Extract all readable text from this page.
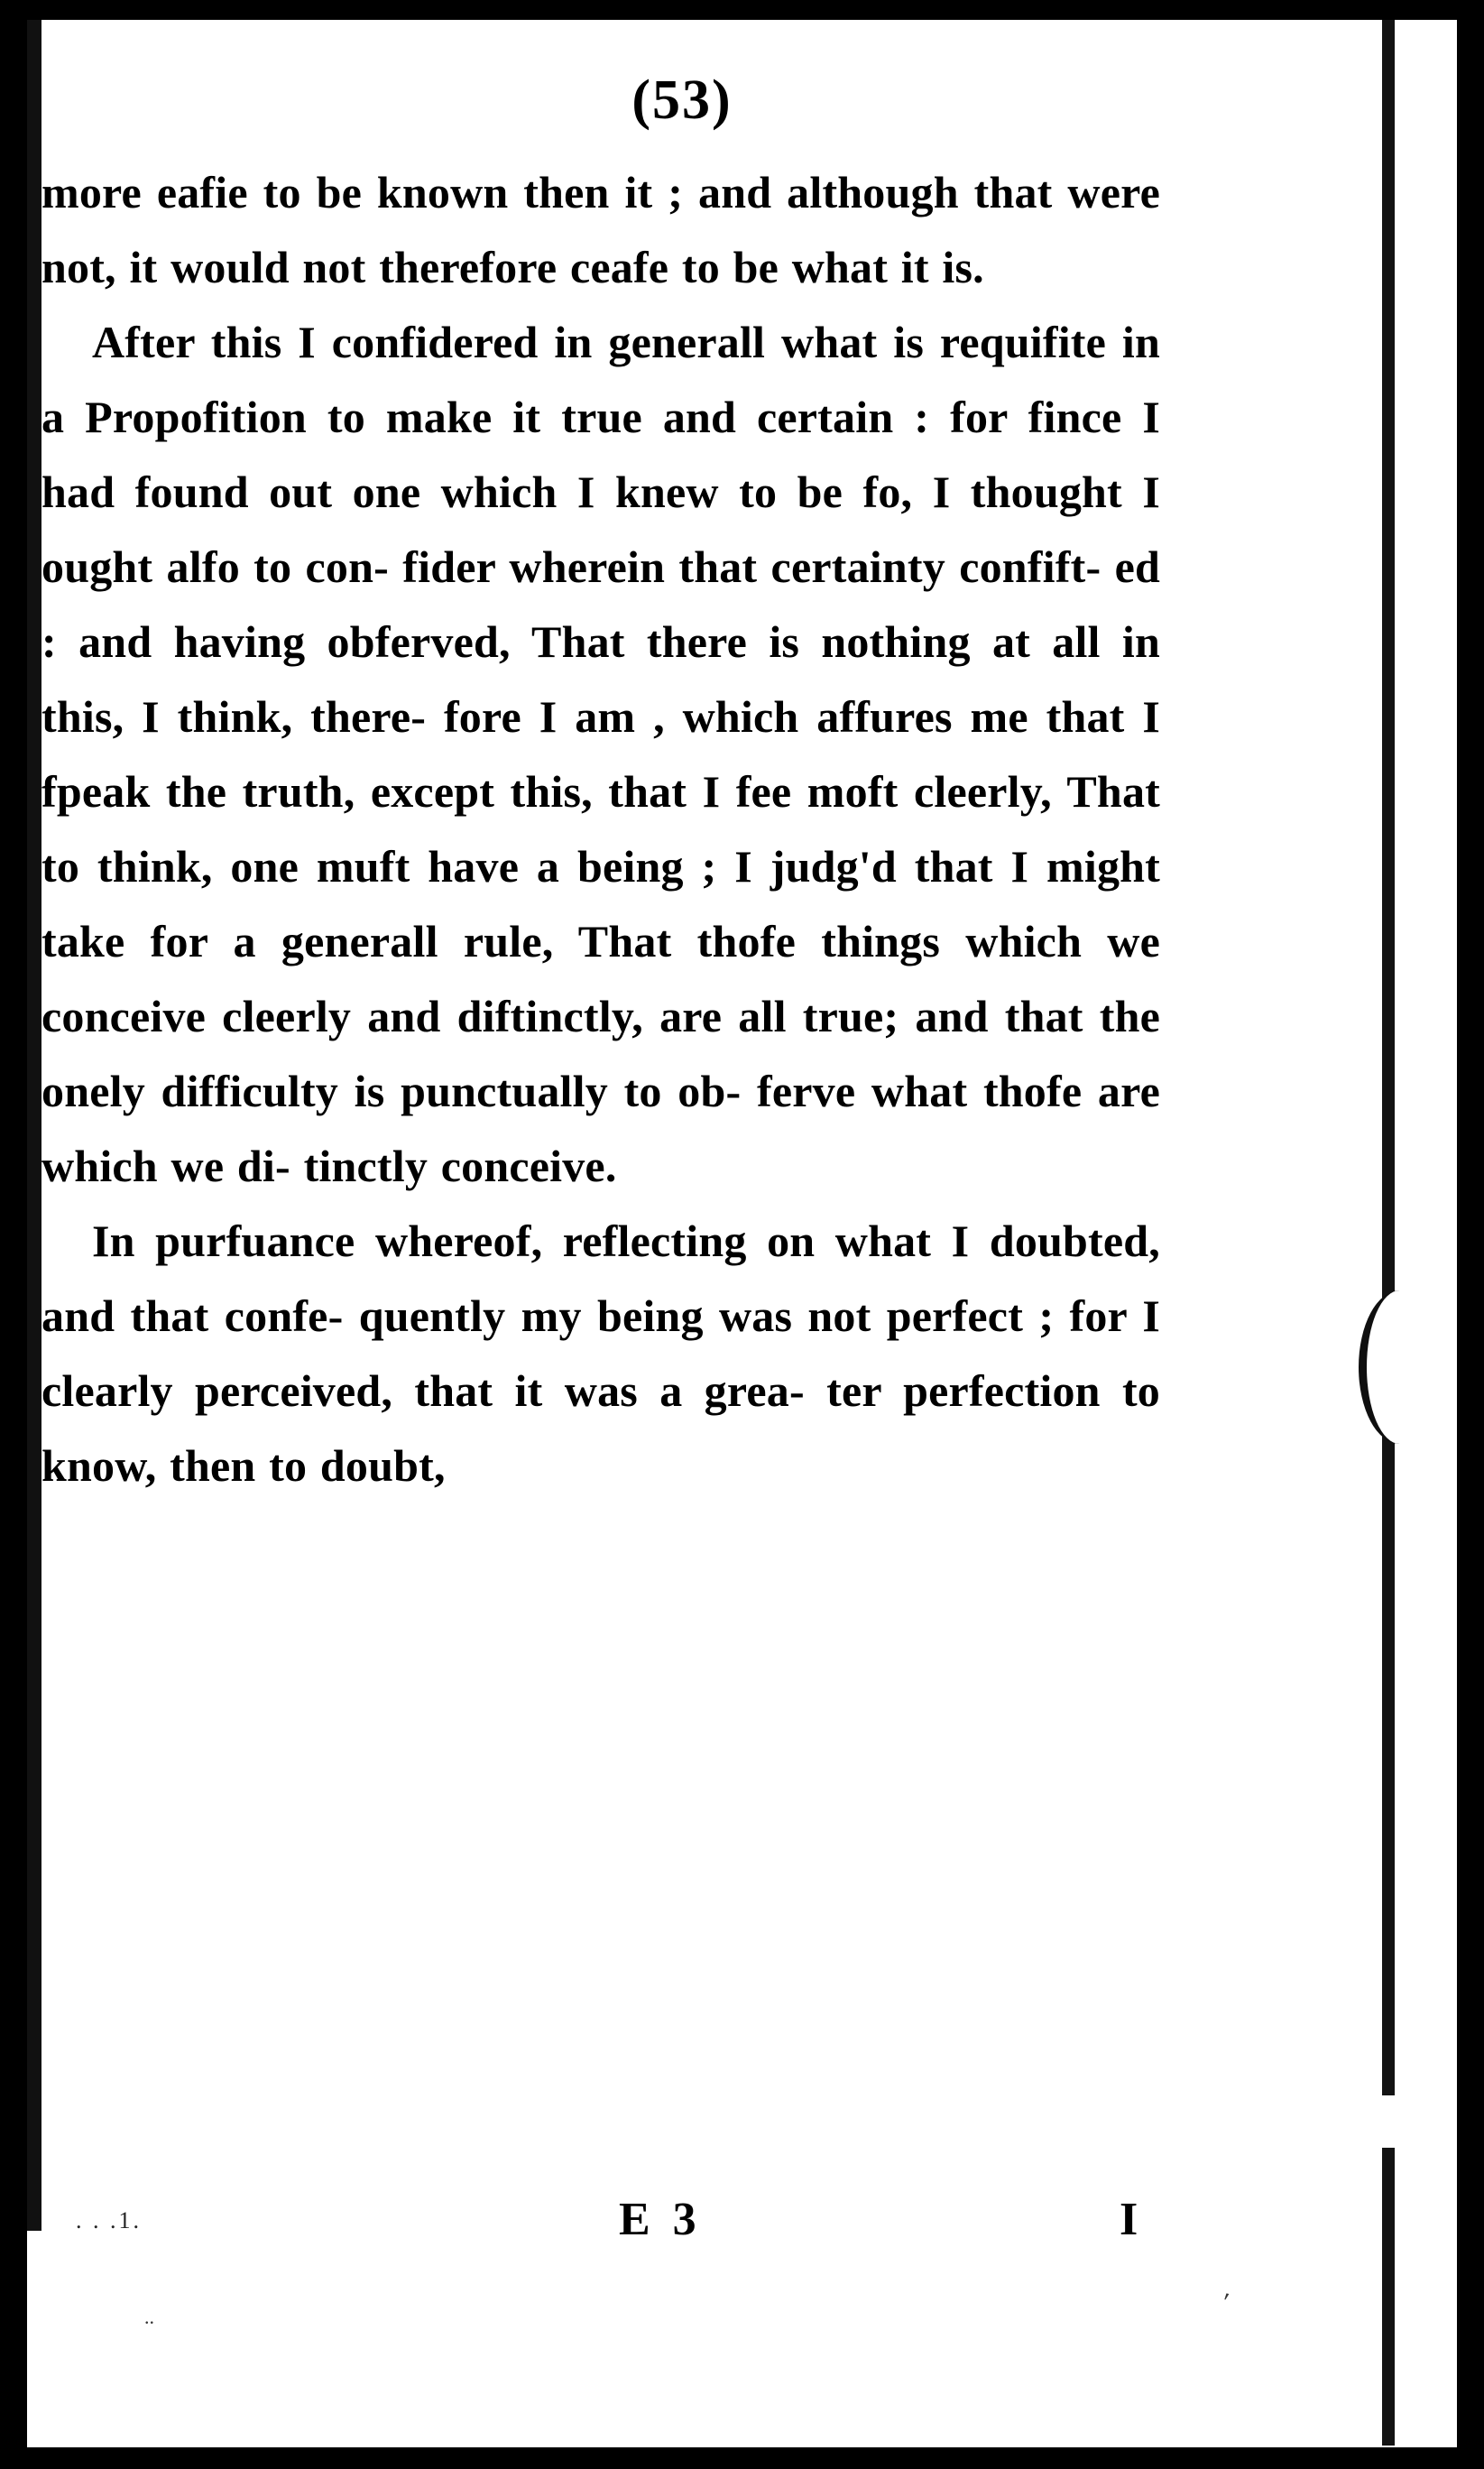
(53)

more eafie to be known then it ; and although that were not, it would not therefore ceafe to be what it is.

After this I confidered in generall what is requifite in a Propofition to make it true and certain : for fince I had found out one which I knew to be fo, I thought I ought alfo to con- fider wherein that certainty confift- ed : and having obferved, That there is nothing at all in this, I think, there- fore I am , which affures me that I fpeak the truth, except this, that I fee moft cleerly, That to think, one muft have a being ; I judg'd that I might take for a generall rule, That thofe things which we conceive cleerly and diftinctly, are all true; and that the onely difficulty is punctually to ob- ferve what thofe are which we di- tinctly conceive.

In purfuance whereof, reflecting on what I doubted, and that confe- quently my being was not perfect ; for I clearly perceived, that it was a grea- ter perfection to know, then to doubt,

. . .1.	E 3	I
..	ʹ
